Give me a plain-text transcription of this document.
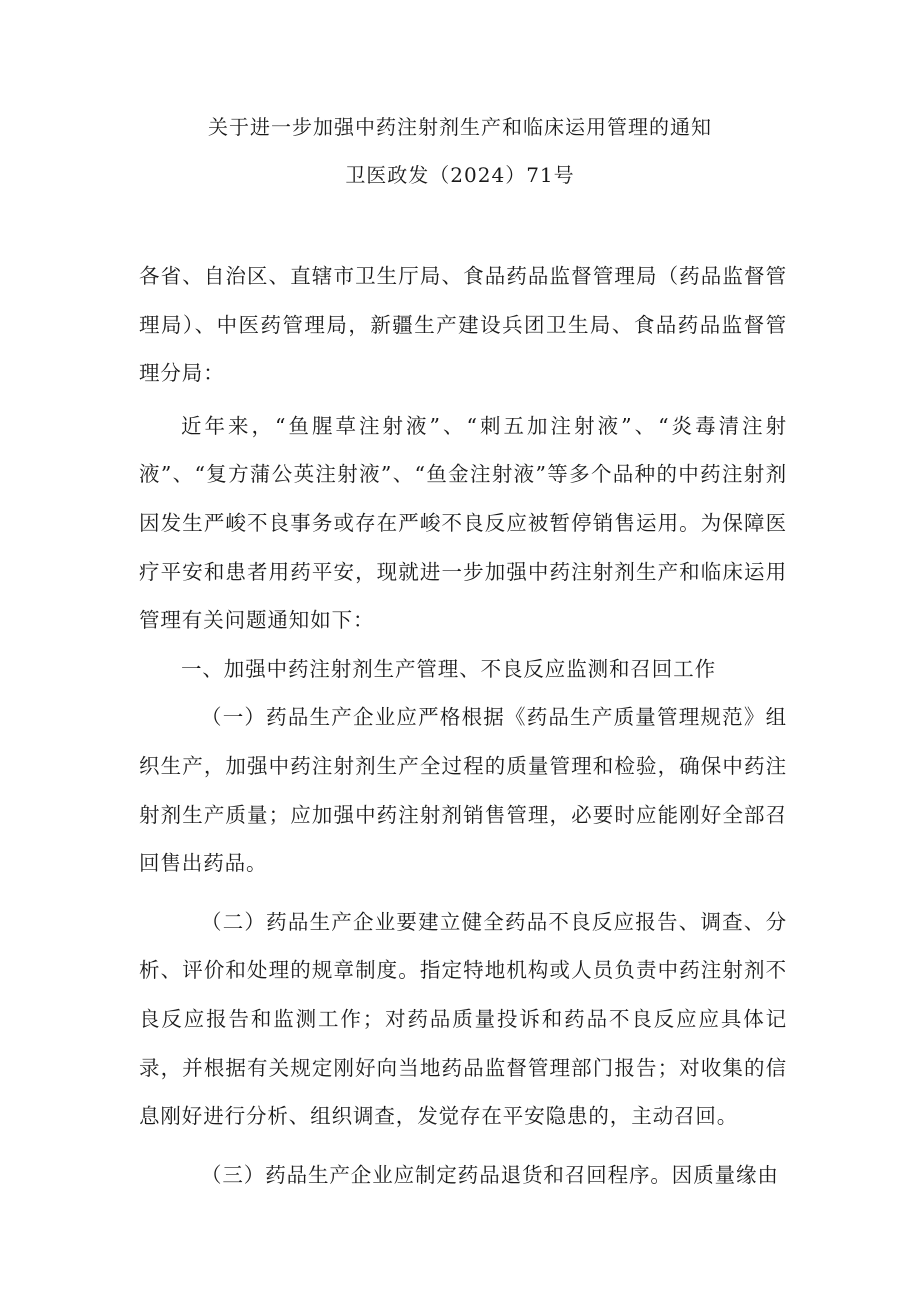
关于进一步加强中药注射剂生产和临床运用管理的通知
卫医政发（2024）71号

各省、自治区、直辖市卫生厅局、食品药品监督管理局（药品监督管理局）、中医药管理局，新疆生产建设兵团卫生局、食品药品监督管理分局：

近年来，“鱼腥草注射液”、“刺五加注射液”、“炎毒清注射液”、“复方蒲公英注射液”、“鱼金注射液”等多个品种的中药注射剂因发生严峻不良事务或存在严峻不良反应被暂停销售运用。为保障医疗平安和患者用药平安，现就进一步加强中药注射剂生产和临床运用管理有关问题通知如下：

一、加强中药注射剂生产管理、不良反应监测和召回工作

（一）药品生产企业应严格根据《药品生产质量管理规范》组织生产，加强中药注射剂生产全过程的质量管理和检验，确保中药注射剂生产质量；应加强中药注射剂销售管理，必要时应能刚好全部召回售出药品。

（二）药品生产企业要建立健全药品不良反应报告、调查、分析、评价和处理的规章制度。指定特地机构或人员负责中药注射剂不良反应报告和监测工作；对药品质量投诉和药品不良反应应具体记录，并根据有关规定刚好向当地药品监督管理部门报告；对收集的信息刚好进行分析、组织调查，发觉存在平安隐患的，主动召回。

（三）药品生产企业应制定药品退货和召回程序。因质量缘由
